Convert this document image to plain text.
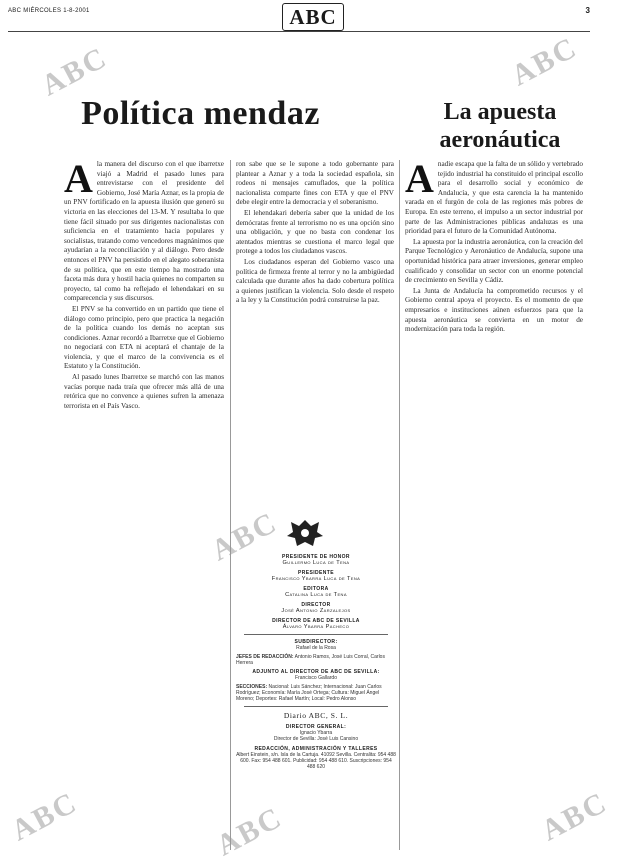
ABC MIÉRCOLES 1-8-2001	ABC	3
ABC	ABC
ABC
ABC	ABC	ABC
Política mendaz	La apuesta aeronáutica
A la manera del discurso con el que ibarretxe viajó a Madrid el pasado lunes para entrevistarse con el presidente del Gobierno, José María Aznar, es la propia de un PNV fortificado en la apuesta ilusión que generó su victoria en las elecciones del 13-M. Y resultaba lo que tiene fácil situado por sus dirigentes nacionalistas con suficiencia en el tratamiento hacia populares y socialistas, tratando como vencedores magnánimos que ayudarían a la reconciliación y al diálogo. Pero desde entonces el PNV ha persistido en el alegato soberanista de su política, que en este tiempo ha mostrado una faceta más dura y hostil hacia quienes no comparten su proyecto, tal como ha reflejado el lehendakari en su comparecencia y sus discursos.

El PNV se ha convertido en un partido que tiene el diálogo como principio, pero que practica la negación de la política cuando los demás no aceptan sus condiciones. Aznar recordó a Ibarretxe que el Gobierno no negociará con ETA ni aceptará el chantaje de la violencia, y que el marco de la convivencia es el Estatuto y la Constitución.

Al pasado lunes Ibarretxe se marchó con las manos vacías porque nada traía que ofrecer más allá de una retórica que no convence a quienes sufren la amenaza terrorista en el País Vasco.

ron sabe que se le supone a todo gobernante para plantear a Aznar y a toda la sociedad española, sin rodeos ni mensajes camuflados, que la política nacionalista comparte fines con ETA y que el PNV debe elegir entre la democracia y el soberanismo.

El lehendakari debería saber que la unidad de los demócratas frente al terrorismo no es una opción sino una obligación, y que no basta con condenar los atentados mientras se cuestiona el marco legal que protege a todos los ciudadanos vascos.

Los ciudadanos esperan del Gobierno vasco una política de firmeza frente al terror y no la ambigüedad calculada que durante años ha dado cobertura política a quienes justifican la violencia. Solo desde el respeto a la ley y la Constitución podrá construirse la paz.

A nadie escapa que la falta de un sólido y vertebrado tejido industrial ha constituido el principal escollo para el desarrollo social y económico de Andalucía, y que esta carencia la ha mantenido varada en el furgón de cola de las regiones más pobres de Europa. En este terreno, el impulso a un sector industrial por parte de las Administraciones públicas andaluzas es una prioridad para el futuro de la Comunidad Autónoma.

La apuesta por la industria aeronáutica, con la creación del Parque Tecnológico y Aeronáutico de Andalucía, supone una oportunidad histórica para atraer inversiones, generar empleo cualificado y consolidar un sector con un enorme potencial de crecimiento en Sevilla y Cádiz.

La Junta de Andalucía ha comprometido recursos y el Gobierno central apoya el proyecto. Es el momento de que empresarios e instituciones aúnen esfuerzos para que la apuesta aeronáutica se convierta en un motor de modernización para toda la región.

PRESIDENTE DE HONOR
Guillermo Luca de Tena
PRESIDENTE
Francisco Ybarra Luca de Tena
EDITORA
Catalina Luca de Tena
DIRECTOR
José Antonio Zarzalejos
DIRECTOR DE ABC DE SEVILLA
Álvaro Ybarra Pacheco
SUBDIRECTOR:
Rafael de la Rosa
JEFES DE REDACCIÓN: Antonio Ramos, José Luis Corral, Carlos Herrera
ADJUNTO AL DIRECTOR DE ABC DE SEVILLA:
Francisco Gallardo
SECCIONES: Nacional: Luis Sánchez; Internacional: Juan Carlos Rodríguez; Economía: María José Ortega; Cultura: Miguel Ángel Moreno; Deportes: Rafael Martín; Local: Pedro Alonso
Diario ABC, S. L.
DIRECTOR GENERAL:
Ignacio Ybarra
Director de Sevilla: José Luis Cansino
REDACCIÓN, ADMINISTRACIÓN Y TALLERES
Albert Einstein, s/n. Isla de la Cartuja. 41092 Sevilla. Centralita: 954 488 600. Fax: 954 488 601. Publicidad: 954 488 610. Suscripciones: 954 488 620
